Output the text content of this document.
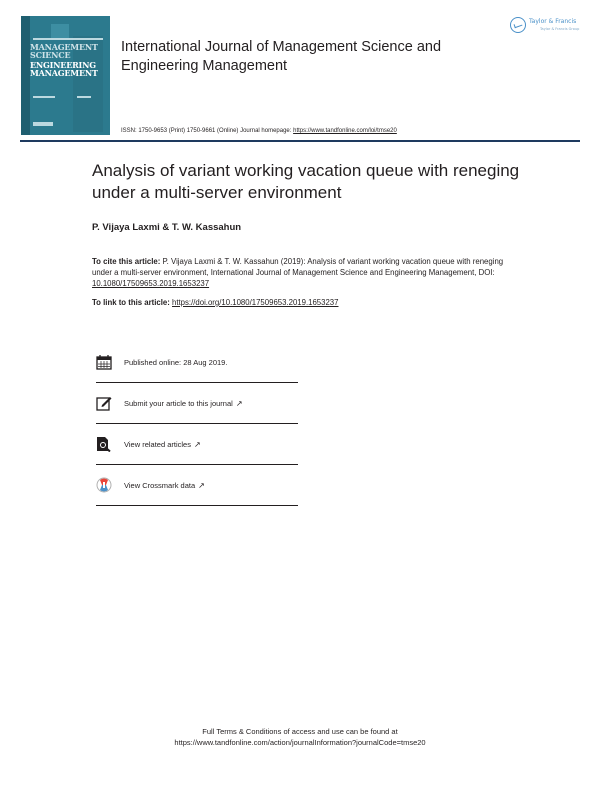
MANAGEMENT SCIENCE
ENGINEERING MANAGEMENT
International Journal of Management Science and Engineering Management
Taylor & Francis
Taylor & Francis Group
ISSN: 1750-9653 (Print) 1750-9661 (Online) Journal homepage: https://www.tandfonline.com/loi/tmse20
Analysis of variant working vacation queue with reneging under a multi-server environment
P. Vijaya Laxmi & T. W. Kassahun
To cite this article: P. Vijaya Laxmi & T. W. Kassahun (2019): Analysis of variant working vacation queue with reneging under a multi-server environment, International Journal of Management Science and Engineering Management, DOI: 10.1080/17509653.2019.1653237
To link to this article: https://doi.org/10.1080/17509653.2019.1653237
Published online: 28 Aug 2019.
Submit your article to this journal ↗
View related articles ↗
View Crossmark data ↗
Full Terms & Conditions of access and use can be found at
https://www.tandfonline.com/action/journalInformation?journalCode=tmse20
